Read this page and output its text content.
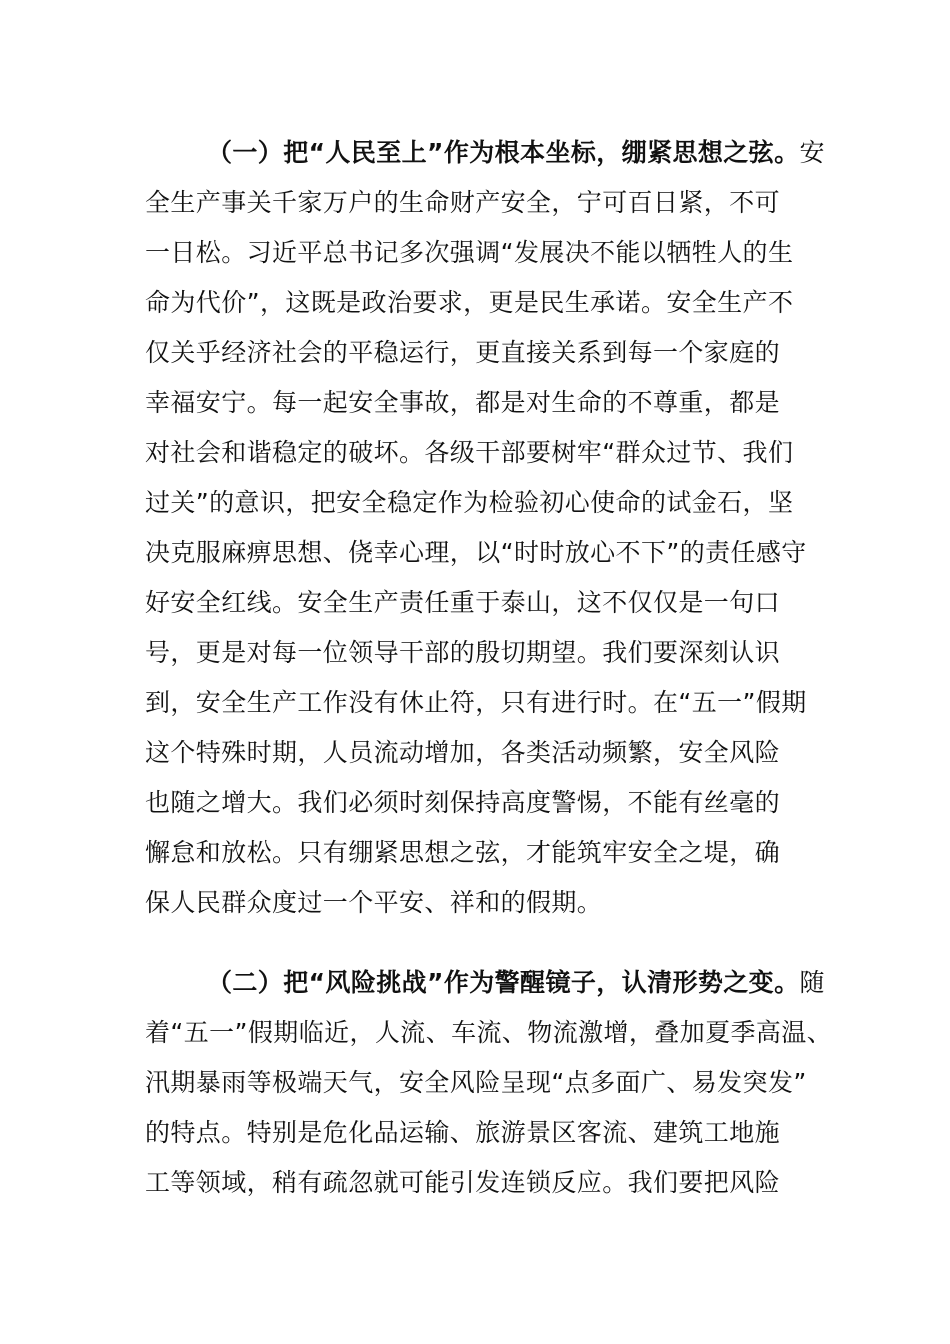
（一）把“人民至上”作为根本坐标，绷紧思想之弦。安
全生产事关千家万户的生命财产安全，宁可百日紧，不可
一日松。习近平总书记多次强调“发展决不能以牺牲人的生
命为代价”，这既是政治要求，更是民生承诺。安全生产不
仅关乎经济社会的平稳运行，更直接关系到每一个家庭的
幸福安宁。每一起安全事故，都是对生命的不尊重，都是
对社会和谐稳定的破坏。各级干部要树牢“群众过节、我们
过关”的意识，把安全稳定作为检验初心使命的试金石，坚
决克服麻痹思想、侥幸心理，以“时时放心不下”的责任感守
好安全红线。安全生产责任重于泰山，这不仅仅是一句口
号，更是对每一位领导干部的殷切期望。我们要深刻认识
到，安全生产工作没有休止符，只有进行时。在“五一”假期
这个特殊时期，人员流动增加，各类活动频繁，安全风险
也随之增大。我们必须时刻保持高度警惕，不能有丝毫的
懈怠和放松。只有绷紧思想之弦，才能筑牢安全之堤，确
保人民群众度过一个平安、祥和的假期。
（二）把“风险挑战”作为警醒镜子，认清形势之变。随
着“五一”假期临近，人流、车流、物流激增，叠加夏季高温、
汛期暴雨等极端天气，安全风险呈现“点多面广、易发突发”
的特点。特别是危化品运输、旅游景区客流、建筑工地施
工等领域，稍有疏忽就可能引发连锁反应。我们要把风险
